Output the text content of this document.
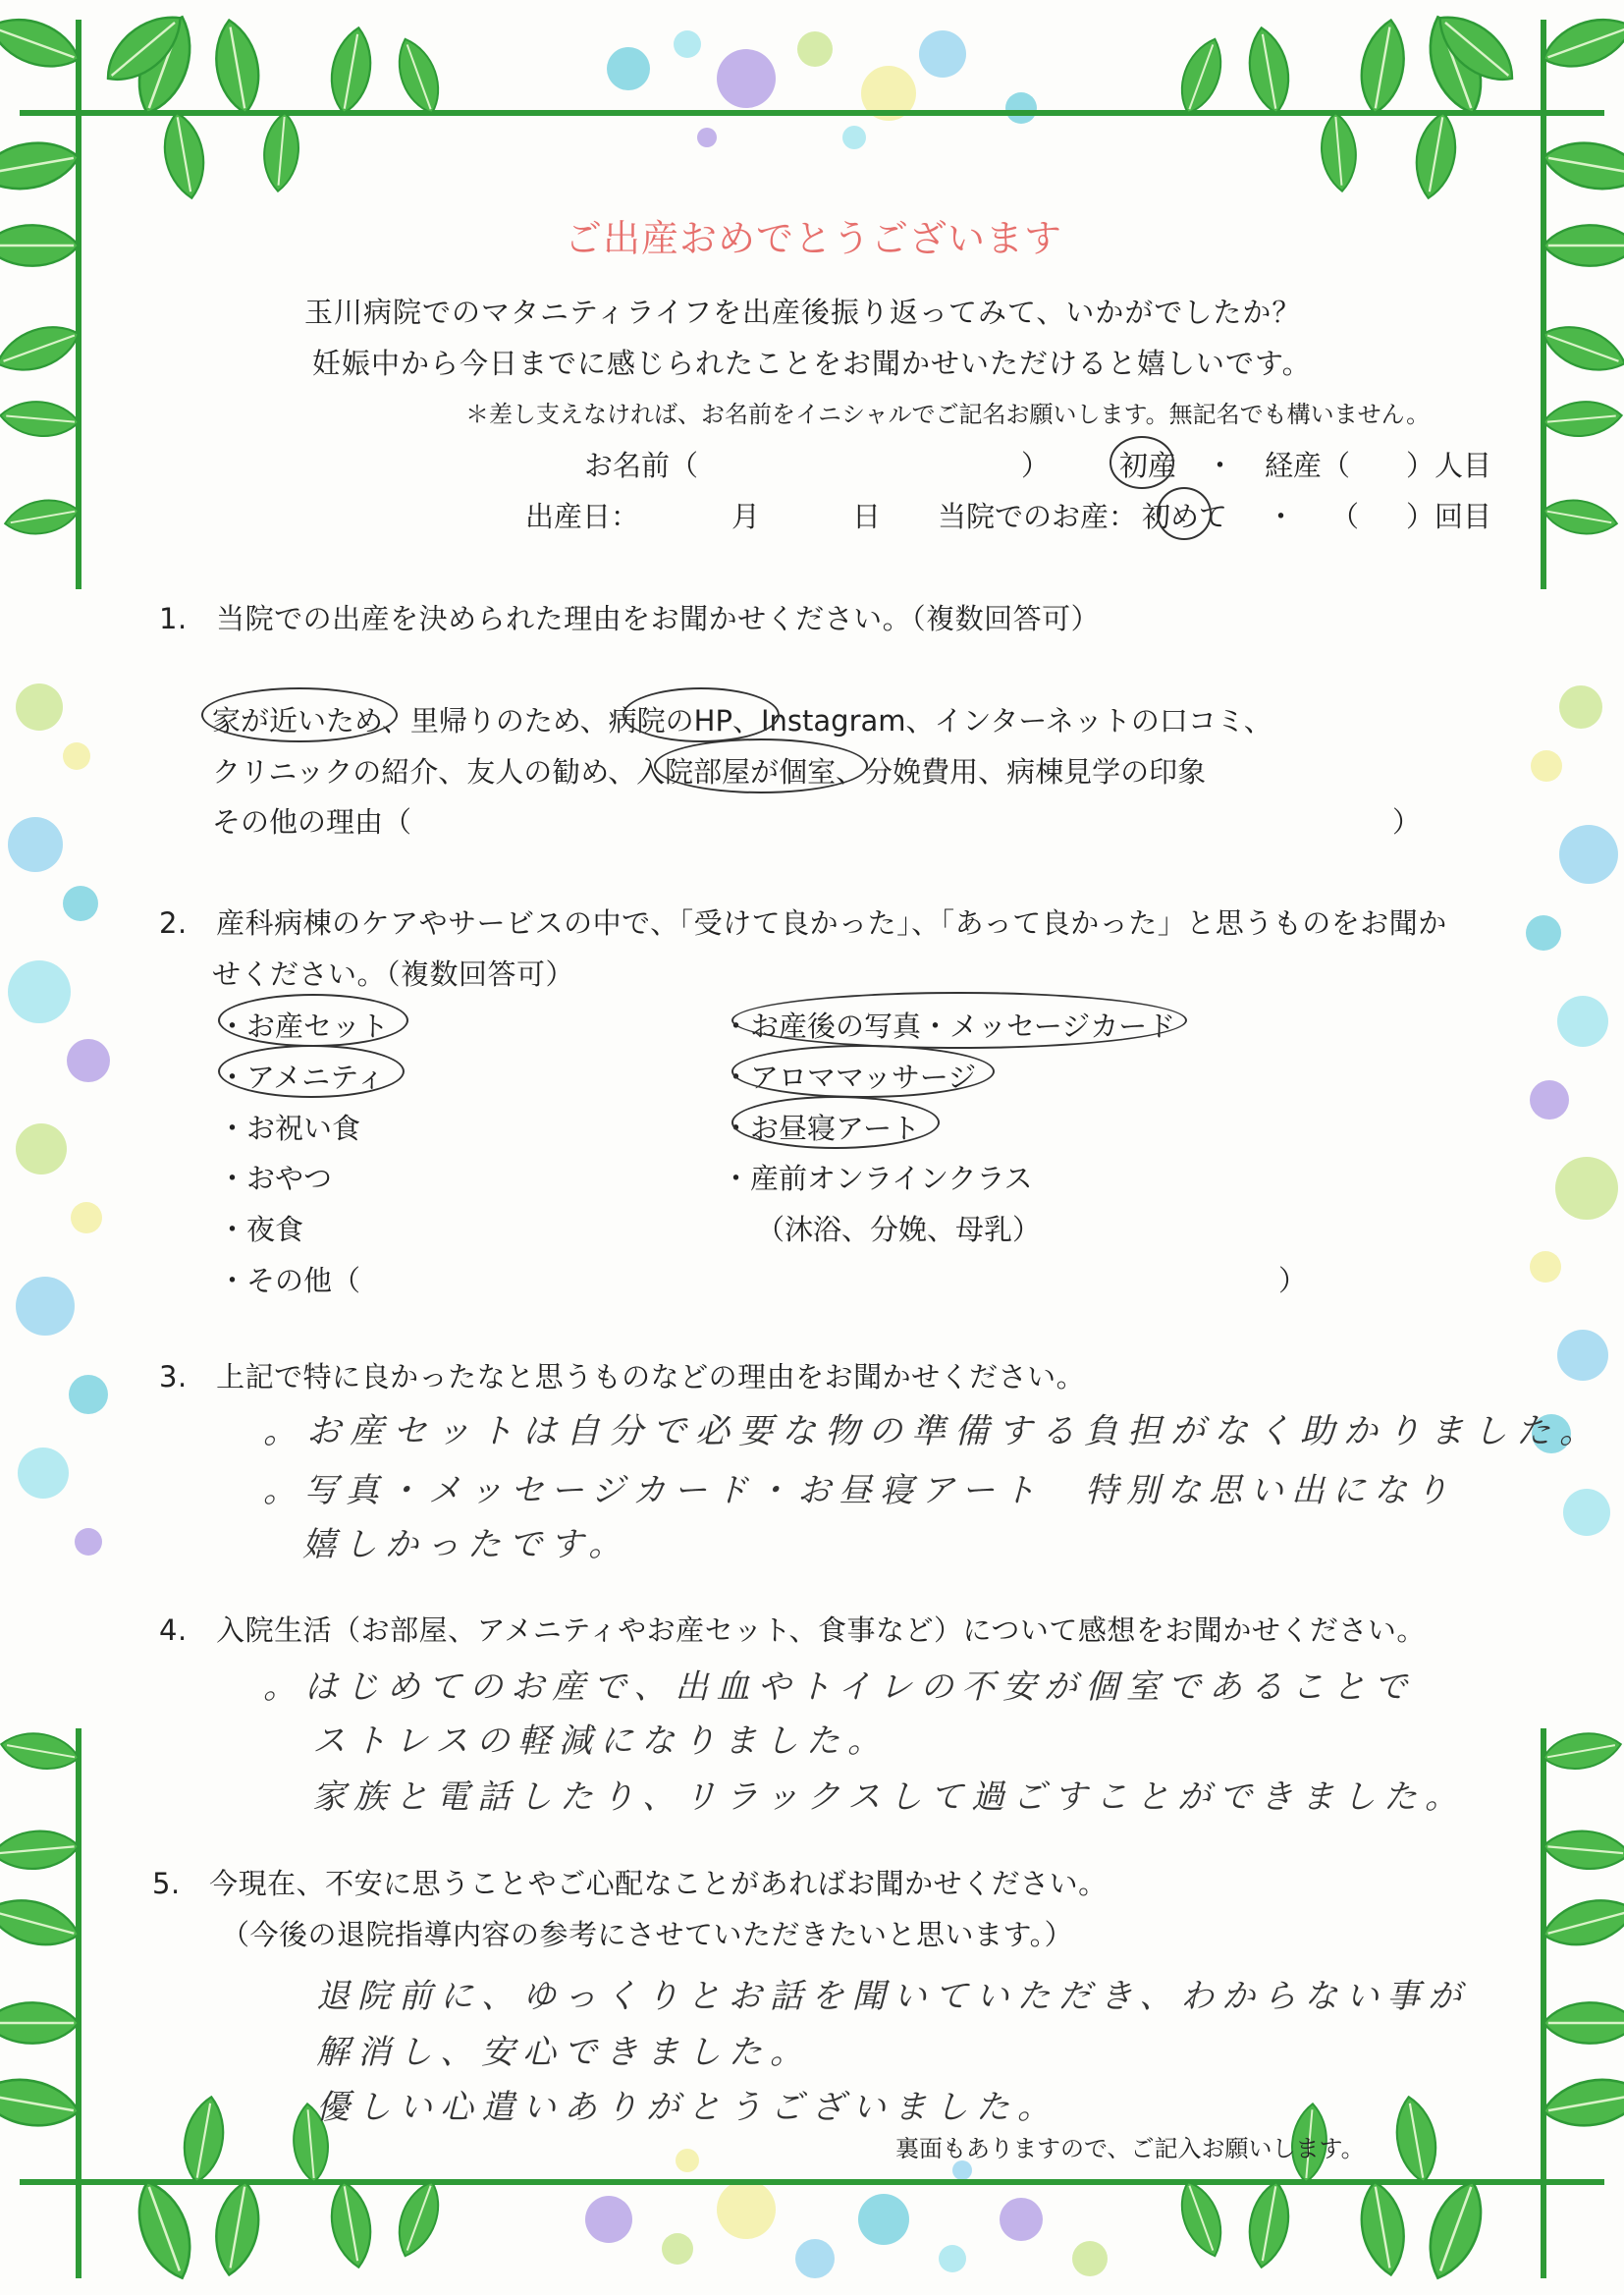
ご出産おめでとうございます
玉川病院でのマタニティライフを出産後振り返ってみて、いかがでしたか？
妊娠中から今日までに感じられたことをお聞かせいただけると嬉しいです。
＊差し支えなければ、お名前をイニシャルでご記名お願いします。無記名でも構いません。
お名前（	） 初産 ・ 経産（ ）人目
出産日：	月	日 当院でのお産： 初めて ・ （ ）回目
1.　当院での出産を決められた理由をお聞かせください。（複数回答可）
家が近いため、里帰りのため、病院のHP、Instagram、インターネットの口コミ、
クリニックの紹介、友人の勧め、入院部屋が個室、分娩費用、病棟見学の印象
その他の理由（	）
2.　産科病棟のケアやサービスの中で、「受けて良かった」、「あって良かった」と思うものをお聞か
せください。（複数回答可）
・お産セット
・アメニティ
・お祝い食
・おやつ
・夜食
・その他（	）
・お産後の写真・メッセージカード
・アロママッサージ
・お昼寝アート
・産前オンラインクラス
（沐浴、分娩、母乳）
3.　上記で特に良かったなと思うものなどの理由をお聞かせください。
。お産セットは自分で必要な物の準備する負担がなく助かりました。
。写真・メッセージカード・お昼寝アート　特別な思い出になり
嬉しかったです。
4.　入院生活（お部屋、アメニティやお産セット、食事など）について感想をお聞かせください。
。はじめてのお産で、出血やトイレの不安が個室であることで
ストレスの軽減になりました。
家族と電話したり、リラックスして過ごすことができました。
5.　今現在、不安に思うことやご心配なことがあればお聞かせください。
（今後の退院指導内容の参考にさせていただきたいと思います。）
退院前に、ゆっくりとお話を聞いていただき、わからない事が
解消し、安心できました。
優しい心遣いありがとうございました。
裏面もありますので、ご記入お願いします。
